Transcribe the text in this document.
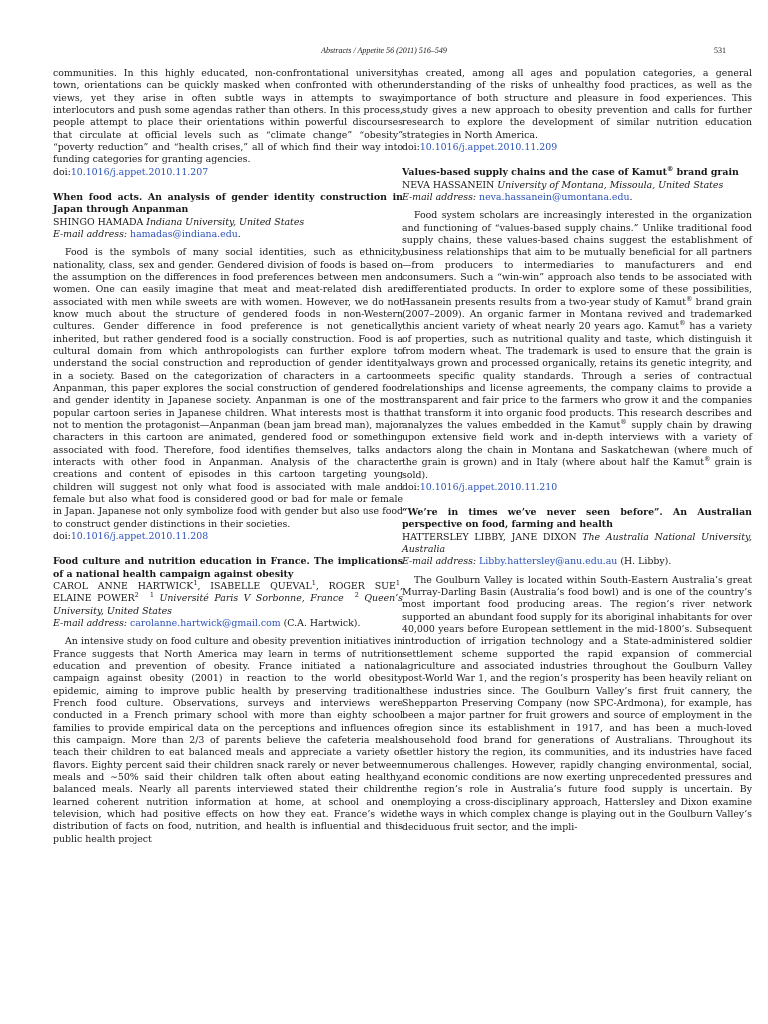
Abstracts / Appetite 56 (2011) 516–549	531

communities. In this highly educated, non-confrontational university town, orientations can be quickly masked when confronted with other views, yet they arise in often subtle ways in attempts to sway interlocutors and push some agendas rather than others. In this process, people attempt to place their orientations within powerful discourses that circulate at official levels such as “climate change” “obesity” “poverty reduction” and “health crises,” all of which find their way into funding categories for granting agencies.

doi:10.1016/j.appet.2010.11.207

When food acts. An analysis of gender identity construction in Japan through Anpanman

SHINGO HAMADA Indiana University, United States

E-mail address: hamadas@indiana.edu.

Food is the symbols of many social identities, such as ethnicity, nationality, class, sex and gender. Gendered division of foods is based on the assumption on the differences in food preferences between men and women. One can easily imagine that meat and meat-related dish are associated with men while sweets are with women. However, we do not know much about the structure of gendered foods in non-Western cultures. Gender difference in food preference is not genetically inherited, but rather gendered food is a socially construction. Food is a cultural domain from which anthropologists can further explore to understand the social construction and reproduction of gender identity in a society. Based on the categorization of characters in a cartoon Anpanman, this paper explores the social construction of gendered food and gender identity in Japanese society. Anpanman is one of the most popular cartoon series in Japanese children. What interests most is that not to mention the protagonist—Anpanman (bean jam bread man), major characters in this cartoon are animated, gendered food or something associated with food. Therefore, food identifies themselves, talks and interacts with other food in Anpanman. Analysis of the character creations and content of episodes in this cartoon targeting young children will suggest not only what food is associated with male and female but also what food is considered good or bad for male or female in Japan. Japanese not only symbolize food with gender but also use food to construct gender distinctions in their societies.

doi:10.1016/j.appet.2010.11.208

Food culture and nutrition education in France. The implications of a national health campaign against obesity

CAROL ANNE HARTWICK$^1$, ISABELLE QUEVAL$^1$, ROGER SUE$^1$, ELAINE POWER$^2$ $^1$ Université Paris V Sorbonne, France $^2$ Queen’s University, United States

E-mail address: carolanne.hartwick@gmail.com (C.A. Hartwick).

An intensive study on food culture and obesity prevention initiatives in France suggests that North America may learn in terms of nutrition education and prevention of obesity. France initiated a national campaign against obesity (2001) in reaction to the world obesity epidemic, aiming to improve public health by preserving traditional French food culture. Observations, surveys and interviews were conducted in a French primary school with more than eighty school families to provide empirical data on the perceptions and influences of this campaign. More than 2/3 of parents believe the cafeteria meals teach their children to eat balanced meals and appreciate a variety of flavors. Eighty percent said their children snack rarely or never between meals and ∼50% said their children talk often about eating healthy, balanced meals. Nearly all parents interviewed stated their children learned coherent nutrition information at home, at school and on television, which had positive effects on how they eat. France’s wide distribution of facts on food, nutrition, and health is influential and this public health project

has created, among all ages and population categories, a general understanding of the risks of unhealthy food practices, as well as the importance of both structure and pleasure in food experiences. This study gives a new approach to obesity prevention and calls for further research to explore the development of similar nutrition education strategies in North America.

doi:10.1016/j.appet.2010.11.209

Values-based supply chains and the case of Kamut® brand grain

NEVA HASSANEIN University of Montana, Missoula, United States

E-mail address: neva.hassanein@umontana.edu.

Food system scholars are increasingly interested in the organization and functioning of “values-based supply chains.” Unlike traditional food supply chains, these values-based chains suggest the establishment of business relationships that aim to be mutually beneficial for all partners—from producers to intermediaries to manufacturers and end consumers. Such a “win-win” approach also tends to be associated with differentiated products. In order to explore some of these possibilities, Hassanein presents results from a two-year study of Kamut® brand grain (2007–2009). An organic farmer in Montana revived and trademarked this ancient variety of wheat nearly 20 years ago. Kamut® has a variety of properties, such as nutritional quality and taste, which distinguish it from modern wheat. The trademark is used to ensure that the grain is always grown and processed organically, retains its genetic integrity, and meets specific quality standards. Through a series of contractual relationships and license agreements, the company claims to provide a transparent and fair price to the farmers who grow it and the companies that transform it into organic food products. This research describes and analyzes the values embedded in the Kamut® supply chain by drawing upon extensive field work and in-depth interviews with a variety of actors along the chain in Montana and Saskatchewan (where much of the grain is grown) and in Italy (where about half the Kamut® grain is sold).

doi:10.1016/j.appet.2010.11.210

“We’re in times we’ve never seen before”. An Australian perspective on food, farming and health

HATTERSLEY LIBBY, JANE DIXON The Australia National University, Australia

E-mail address: Libby.hattersley@anu.edu.au (H. Libby).

The Goulburn Valley is located within South-Eastern Australia’s great Murray-Darling Basin (Australia’s food bowl) and is one of the country’s most important food producing areas. The region’s river network supported an abundant food supply for its aboriginal inhabitants for over 40,000 years before European settlement in the mid-1800’s. Subsequent introduction of irrigation technology and a State-administered soldier settlement scheme supported the rapid expansion of commercial agriculture and associated industries throughout the Goulburn Valley post-World War 1, and the region’s prosperity has been heavily reliant on these industries since. The Goulburn Valley’s first fruit cannery, the Shepparton Preserving Company (now SPC-Ardmona), for example, has been a major partner for fruit growers and source of employment in the region since its establishment in 1917, and has been a much-loved household food brand for generations of Australians. Throughout its settler history the region, its communities, and its industries have faced numerous challenges. However, rapidly changing environmental, social, and economic conditions are now exerting unprecedented pressures and the region’s role in Australia’s future food supply is uncertain. By employing a cross-disciplinary approach, Hattersley and Dixon examine the ways in which complex change is playing out in the Goulburn Valley’s deciduous fruit sector, and the impli-
